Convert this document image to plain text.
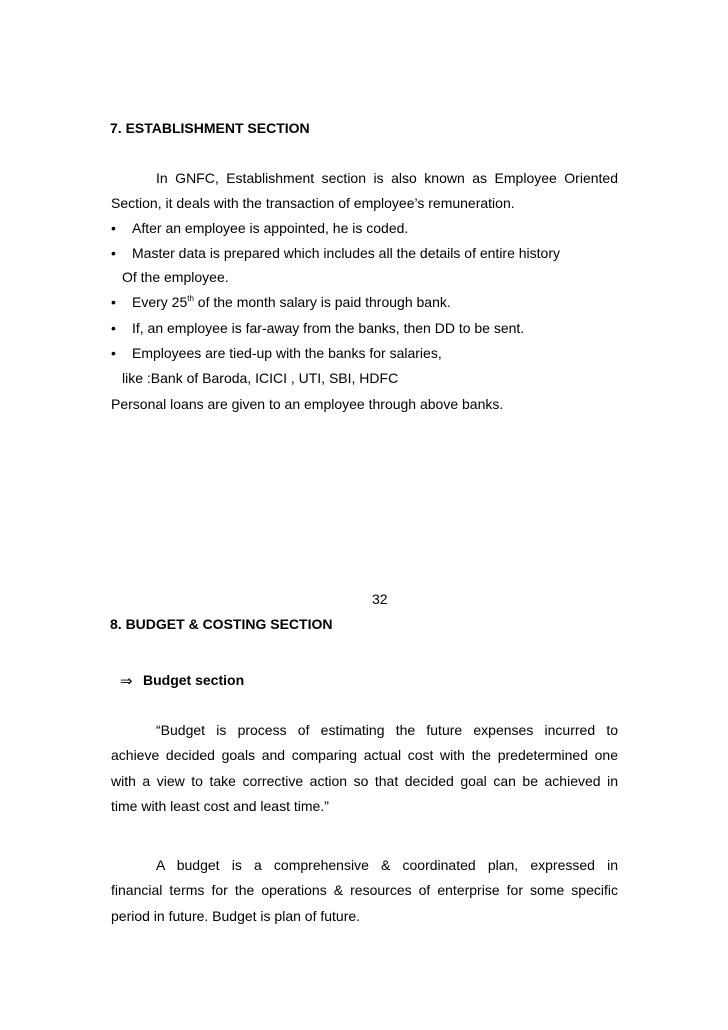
7. ESTABLISHMENT SECTION
In GNFC, Establishment section is also known as Employee Oriented
Section, it deals with the transaction of employee’s remuneration.
• After an employee is appointed, he is coded.
• Master data is prepared which includes all the details of entire history
Of the employee.
• Every 25th of the month salary is paid through bank.
• If, an employee is far-away from the banks, then DD to be sent.
• Employees are tied-up with the banks for salaries,
like :Bank of Baroda, ICICI , UTI, SBI, HDFC
Personal loans are given to an employee through above banks.
32
8. BUDGET & COSTING SECTION
⇒ Budget section
“Budget is process of estimating the future expenses incurred to
achieve decided goals and comparing actual cost with the predetermined one
with a view to take corrective action so that decided goal can be achieved in
time with least cost and least time.”
A budget is a comprehensive & coordinated plan, expressed in
financial terms for the operations & resources of enterprise for some specific
period in future. Budget is plan of future.
